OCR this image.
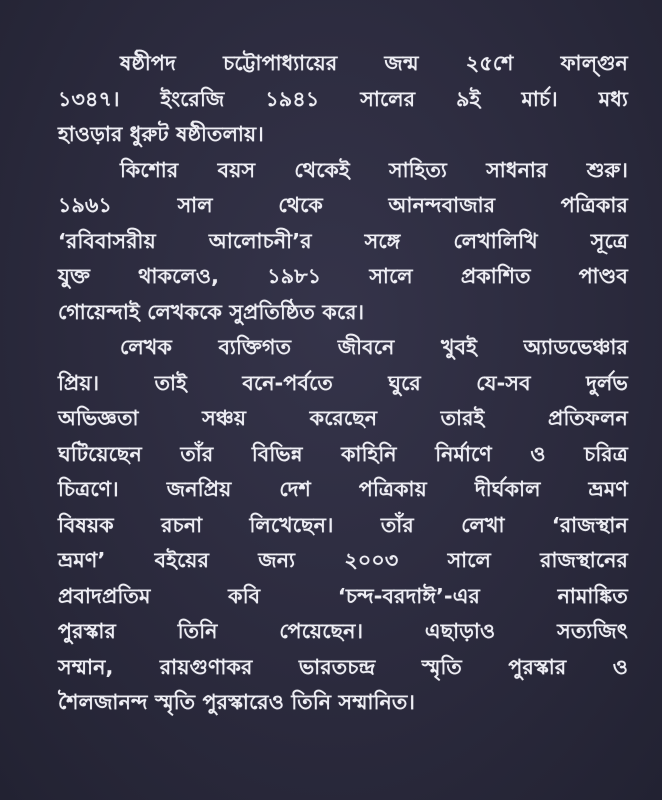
ষষ্ঠীপদ চট্টোপাধ্যায়ের জন্ম ২৫শে ফাল্গুন
১৩৪৭। ইংরেজি ১৯৪১ সালের ৯ই মার্চ। মধ্য
হাওড়ার ধুরুট ষষ্ঠীতলায়।
কিশোর বয়স থেকেই সাহিত্য সাধনার শুরু।
১৯৬১ সাল থেকে আনন্দবাজার পত্রিকার
‘রবিবাসরীয় আলোচনী’র সঙ্গে লেখালিখি সূত্রে
যুক্ত থাকলেও, ১৯৮১ সালে প্রকাশিত পাণ্ডব
গোয়েন্দাই লেখককে সুপ্রতিষ্ঠিত করে।
লেখক ব্যক্তিগত জীবনে খুবই অ্যাডভেঞ্চার
প্রিয়। তাই বনে-পর্বতে ঘুরে যে-সব দুর্লভ
অভিজ্ঞতা সঞ্চয় করেছেন তারই প্রতিফলন
ঘটিয়েছেন তাঁর বিভিন্ন কাহিনি নির্মাণে ও চরিত্র
চিত্রণে। জনপ্রিয় দেশ পত্রিকায় দীর্ঘকাল ভ্রমণ
বিষয়ক রচনা লিখেছেন। তাঁর লেখা ‘রাজস্থান
ভ্রমণ’ বইয়ের জন্য ২০০৩ সালে রাজস্থানের
প্রবাদপ্রতিম কবি ‘চন্দ-বরদাঈ’-এর নামাঙ্কিত
পুরস্কার তিনি পেয়েছেন। এছাড়াও সত্যজিৎ
সম্মান, রায়গুণাকর ভারতচন্দ্র স্মৃতি পুরস্কার ও
শৈলজানন্দ স্মৃতি পুরস্কারেও তিনি সম্মানিত।
